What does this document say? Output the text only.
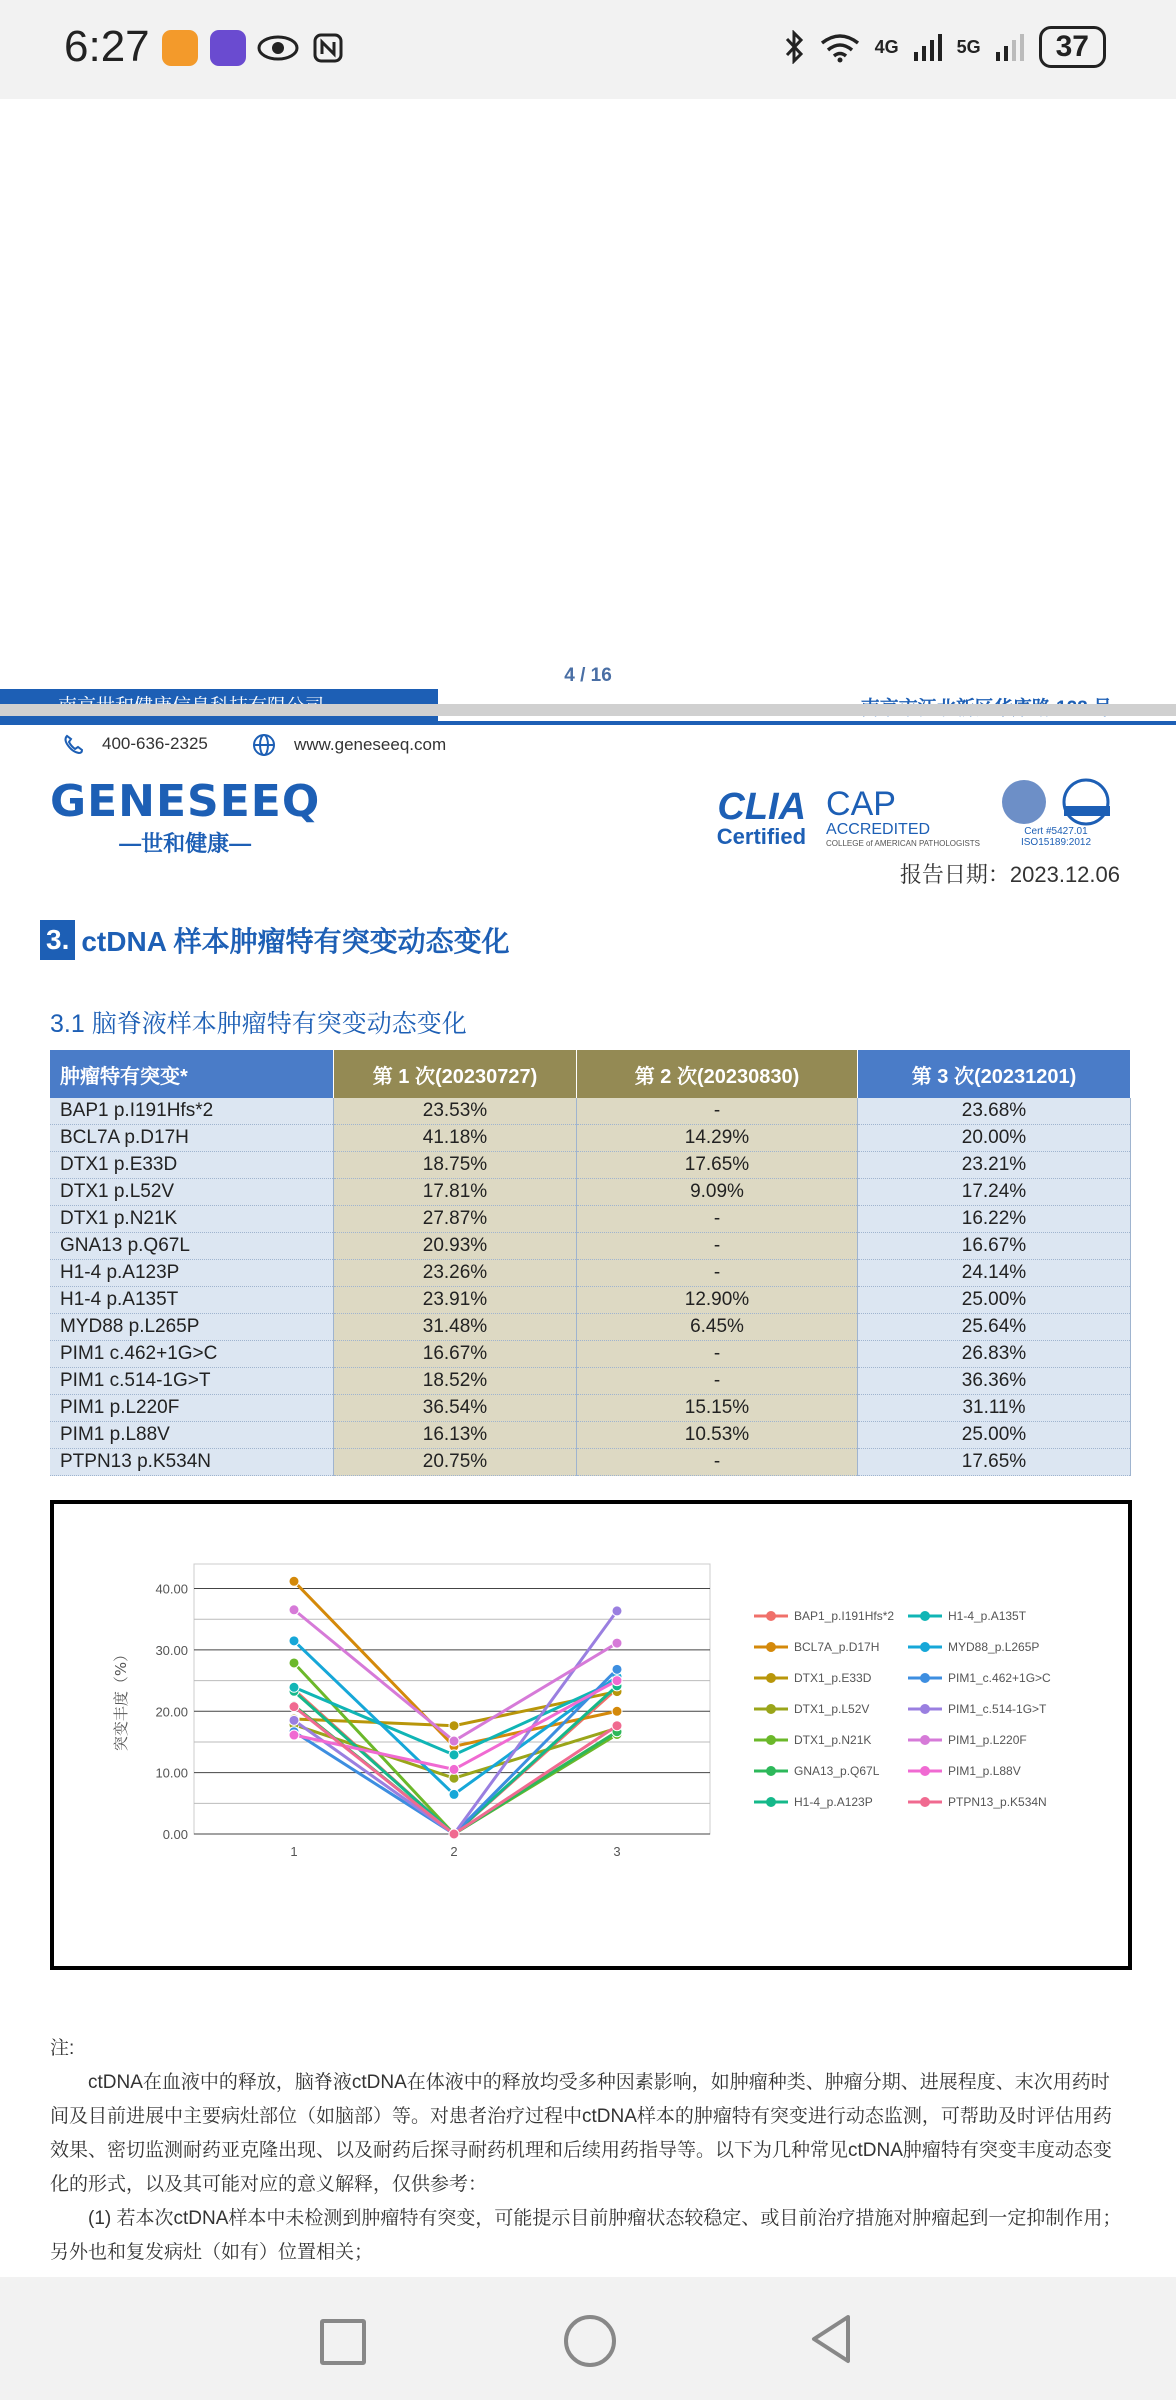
6:27	4G	5G	37
4 / 16
400-636-2325	www.geneseeq.com
GENESEEQ
—世和健康—
CLIA
Certified
CAP
ACCREDITED
COLLEGE of AMERICAN PATHOLOGISTS
Cert #5427.01
ISO15189:2012
报告日期：2023.12.06
3. ctDNA 样本肿瘤特有突变动态变化
3.1 脑脊液样本肿瘤特有突变动态变化
肿瘤特有突变*	第 1 次(20230727)	第 2 次(20230830)	第 3 次(20231201)
BAP1 p.I191Hfs*2	23.53%	-	23.68%
BCL7A p.D17H	41.18%	14.29%	20.00%
DTX1 p.E33D	18.75%	17.65%	23.21%
DTX1 p.L52V	17.81%	9.09%	17.24%
DTX1 p.N21K	27.87%	-	16.22%
GNA13 p.Q67L	20.93%	-	16.67%
H1-4 p.A123P	23.26%	-	24.14%
H1-4 p.A135T	23.91%	12.90%	25.00%
MYD88 p.L265P	31.48%	6.45%	25.64%
PIM1 c.462+1G>C	16.67%	-	26.83%
PIM1 c.514-1G>T	18.52%	-	36.36%
PIM1 p.L220F	36.54%	15.15%	31.11%
PIM1 p.L88V	16.13%	10.53%	25.00%
PTPN13 p.K534N	20.75%	-	17.65%
0.00
10.00
20.00
30.00
40.00
1	2	3
突变丰度（%）
BAP1_p.I191Hfs*2
BCL7A_p.D17H
DTX1_p.E33D
DTX1_p.L52V
DTX1_p.N21K
GNA13_p.Q67L
H1-4_p.A123P
H1-4_p.A135T
MYD88_p.L265P
PIM1_c.462+1G>C
PIM1_c.514-1G>T
PIM1_p.L220F
PIM1_p.L88V
PTPN13_p.K534N

注:

ctDNA在血液中的释放，脑脊液ctDNA在体液中的释放均受多种因素影响，如肿瘤种类、肿瘤分期、进展程度、末次用药时间及目前进展中主要病灶部位（如脑部）等。对患者治疗过程中ctDNA样本的肿瘤特有突变进行动态监测，可帮助及时评估用药效果、密切监测耐药亚克隆出现、以及耐药后探寻耐药机理和后续用药指导等。以下为几种常见ctDNA肿瘤特有突变丰度动态变化的形式，以及其可能对应的意义解释，仅供参考：

(1) 若本次ctDNA样本中未检测到肿瘤特有突变，可能提示目前肿瘤状态较稳定、或目前治疗措施对肿瘤起到一定抑制作用；另外也和复发病灶（如有）位置相关；
